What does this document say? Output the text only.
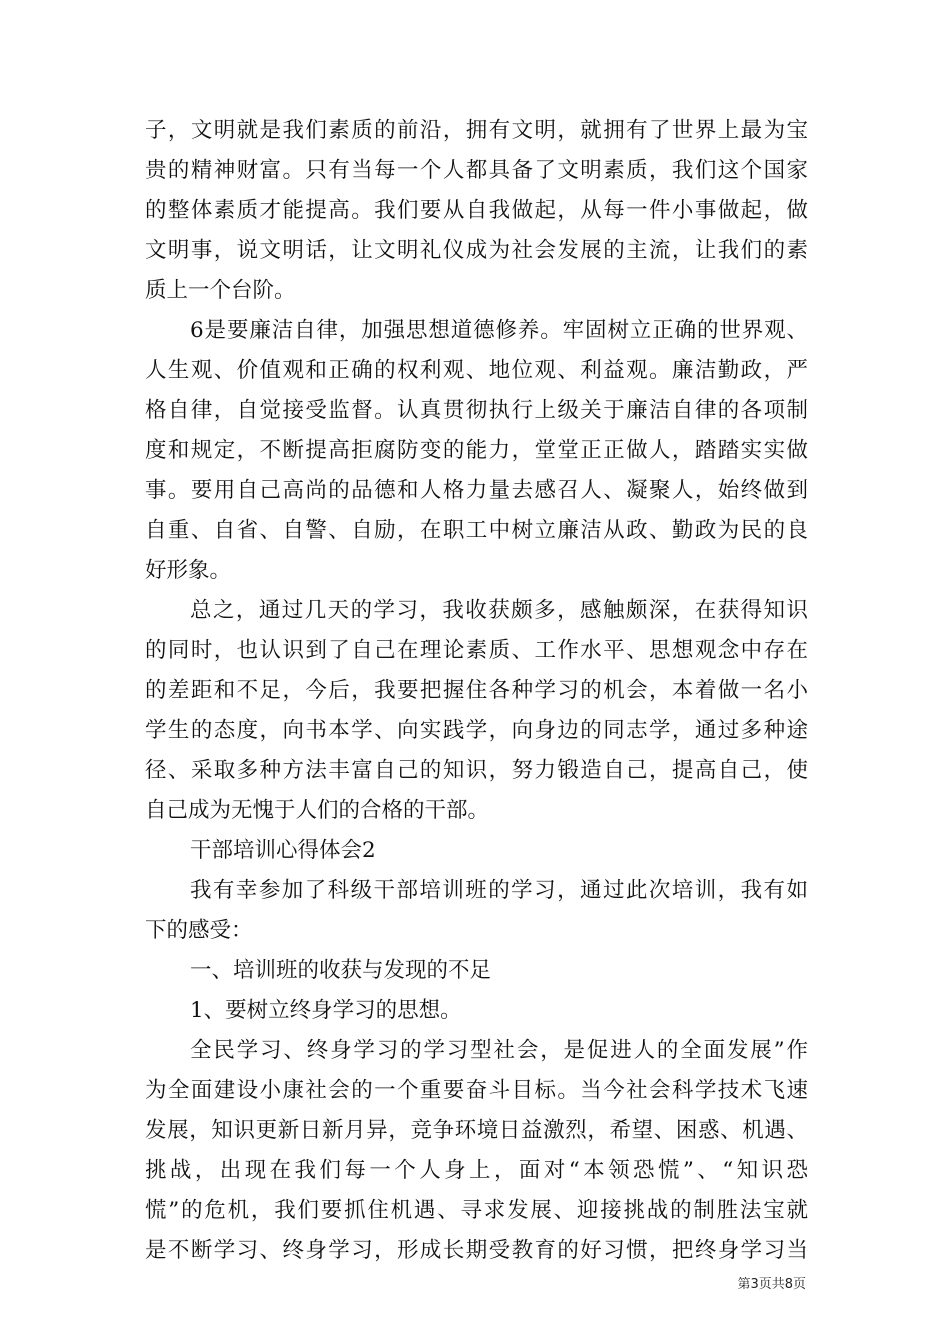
子，文明就是我们素质的前沿，拥有文明，就拥有了世界上最为宝
贵的精神财富。只有当每一个人都具备了文明素质，我们这个国家
的整体素质才能提高。我们要从自我做起，从每一件小事做起，做
文明事，说文明话，让文明礼仪成为社会发展的主流，让我们的素
质上一个台阶。
6是要廉洁自律，加强思想道德修养。牢固树立正确的世界观、
人生观、价值观和正确的权利观、地位观、利益观。廉洁勤政，严
格自律，自觉接受监督。认真贯彻执行上级关于廉洁自律的各项制
度和规定，不断提高拒腐防变的能力，堂堂正正做人，踏踏实实做
事。要用自己高尚的品德和人格力量去感召人、凝聚人，始终做到
自重、自省、自警、自励，在职工中树立廉洁从政、勤政为民的良
好形象。
总之，通过几天的学习，我收获颇多，感触颇深，在获得知识
的同时，也认识到了自己在理论素质、工作水平、思想观念中存在
的差距和不足，今后，我要把握住各种学习的机会，本着做一名小
学生的态度，向书本学、向实践学，向身边的同志学，通过多种途
径、采取多种方法丰富自己的知识，努力锻造自己，提高自己，使
自己成为无愧于人们的合格的干部。
干部培训心得体会2
我有幸参加了科级干部培训班的学习，通过此次培训，我有如
下的感受：
一、培训班的收获与发现的不足
1、要树立终身学习的思想。
全民学习、终身学习的学习型社会，是促进人的全面发展”作
为全面建设小康社会的一个重要奋斗目标。当今社会科学技术飞速
发展，知识更新日新月异，竞争环境日益激烈，希望、困惑、机遇、
挑战，出现在我们每一个人身上，面对“本领恐慌”、“知识恐
慌”的危机，我们要抓住机遇、寻求发展、迎接挑战的制胜法宝就
是不断学习、终身学习，形成长期受教育的好习惯，把终身学习当
第3页共8页
